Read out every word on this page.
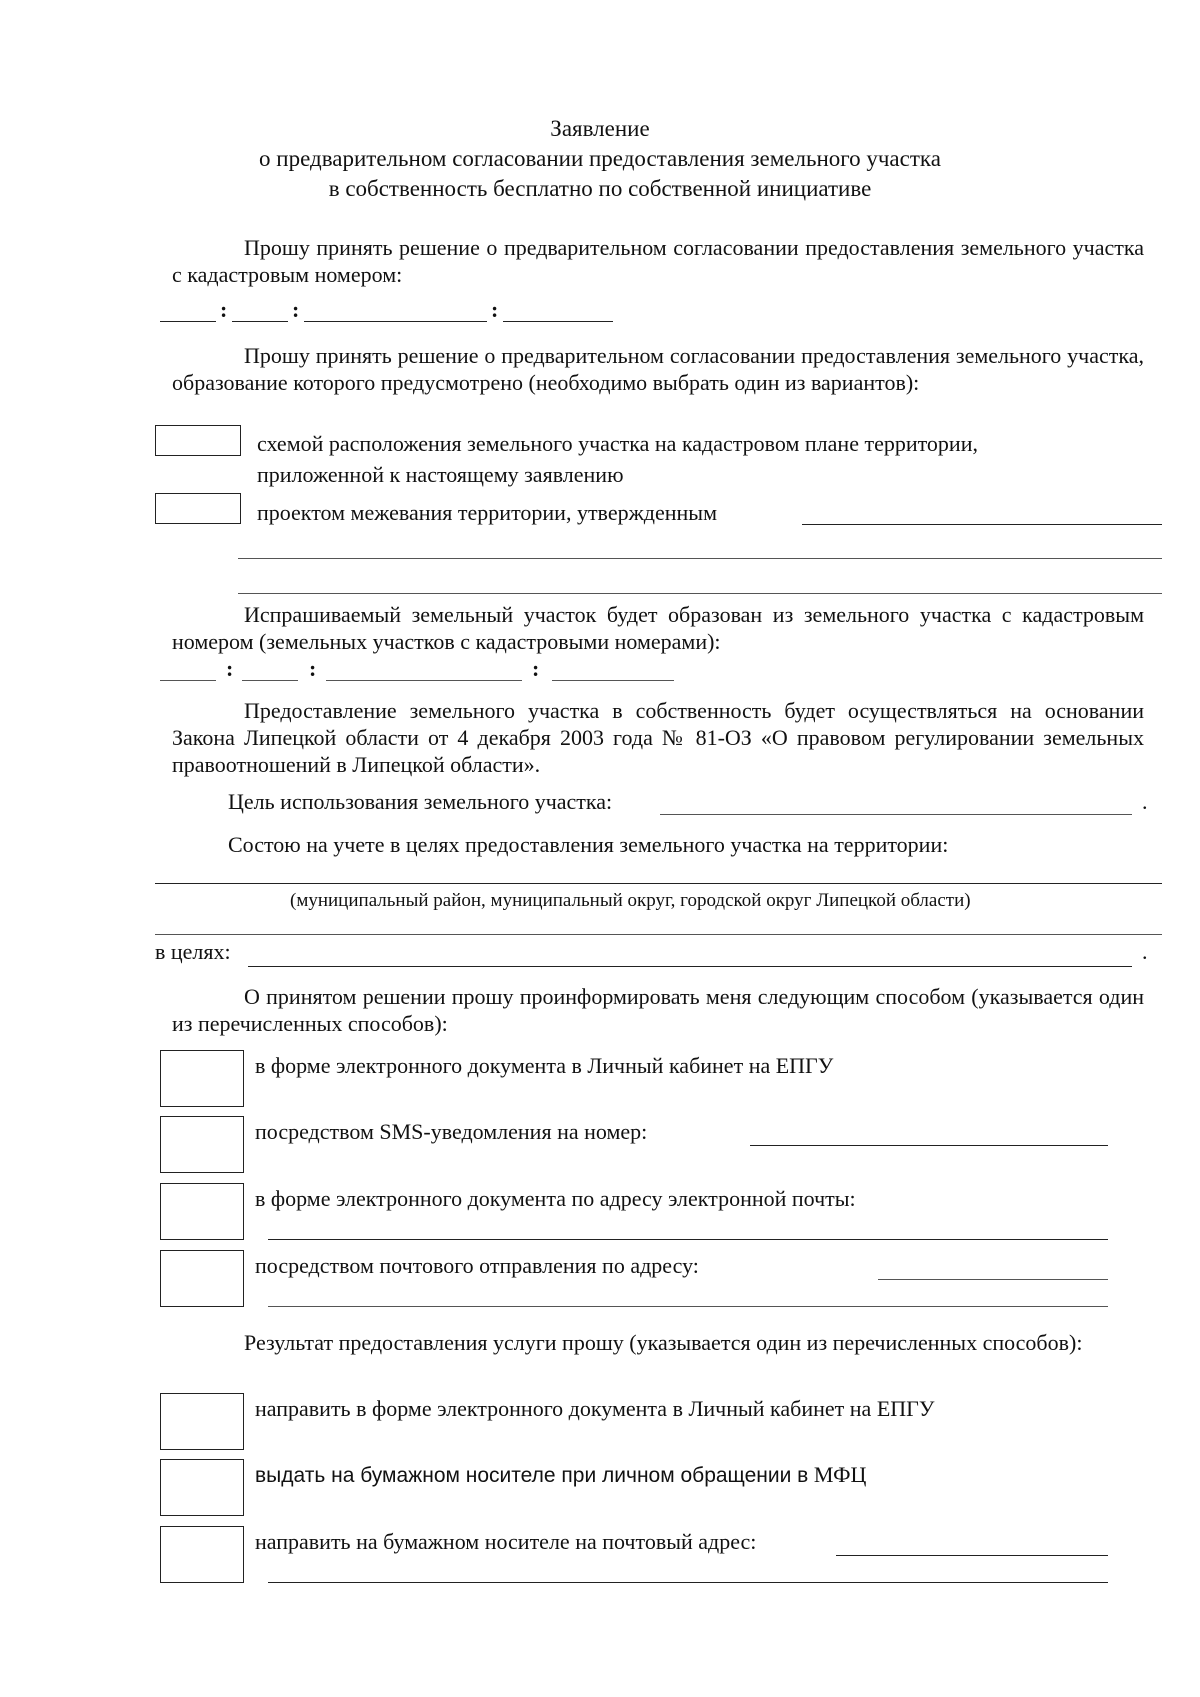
Заявление
о предварительном согласовании предоставления земельного участка
в собственность бесплатно по собственной инициативе
Прошу принять решение о предварительном согласовании предоставления земельного участка с кадастровым номером:
:	:	:
Прошу принять решение о предварительном согласовании предоставления земельного участка, образование которого предусмотрено (необходимо выбрать один из вариантов):
схемой расположения земельного участка на кадастровом плане территории,
приложенной к настоящему заявлению
проектом межевания территории, утвержденным
Испрашиваемый земельный участок будет образован из земельного участка с кадастровым номером (земельных участков с кадастровыми номерами):
:	:	:
Предоставление земельного участка в собственность будет осуществляться на основании Закона Липецкой области от 4 декабря 2003 года № 81-ОЗ «О правовом регулировании земельных правоотношений в Липецкой области».
Цель использования земельного участка:	.
Состою на учете в целях предоставления земельного участка на территории:
(муниципальный район, муниципальный округ, городской округ Липецкой области)
в целях:	.
О принятом решении прошу проинформировать меня следующим способом (указывается один из перечисленных способов):
в форме электронного документа в Личный кабинет на ЕПГУ
посредством SMS-уведомления на номер:
в форме электронного документа по адресу электронной почты:
посредством почтового отправления по адресу:
Результат предоставления услуги прошу (указывается один из перечисленных способов):
направить в форме электронного документа в Личный кабинет на ЕПГУ
выдать на бумажном носителе при личном обращении в МФЦ
направить на бумажном носителе на почтовый адрес:
